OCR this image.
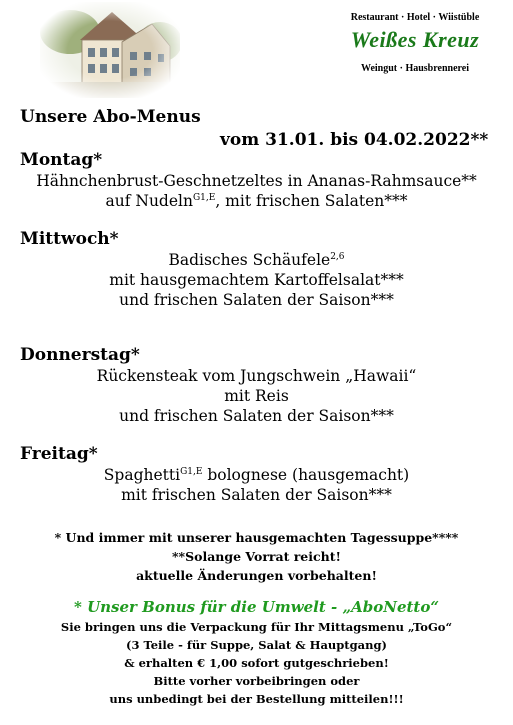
Restaurant · Hotel · Wiistüble
Weißes Kreuz
Weingut · Hausbrennerei
Unsere Abo-Menus
vom 31.01. bis 04.02.2022**
Montag*
Hähnchenbrust-Geschnetzeltes in Ananas-Rahmsauce**
auf Nudeln$^{G1,E}$, mit frischen Salaten***
Mittwoch*
Badisches Schäufele$^{2,6}$
mit hausgemachtem Kartoffelsalat***
und frischen Salaten der Saison***
Donnerstag*
Rückensteak vom Jungschwein „Hawaii“
mit Reis
und frischen Salaten der Saison***
Freitag*
Spaghetti$^{G1,E}$ bolognese (hausgemacht)
mit frischen Salaten der Saison***
* Und immer mit unserer hausgemachten Tagessuppe****
**Solange Vorrat reicht!
aktuelle Änderungen vorbehalten!
* Unser Bonus für die Umwelt - „AboNetto“
Sie bringen uns die Verpackung für Ihr Mittagsmenu „ToGo“
(3 Teile - für Suppe, Salat & Hauptgang)
& erhalten € 1,00 sofort gutgeschrieben!
Bitte vorher vorbeibringen oder
uns unbedingt bei der Bestellung mitteilen!!!
